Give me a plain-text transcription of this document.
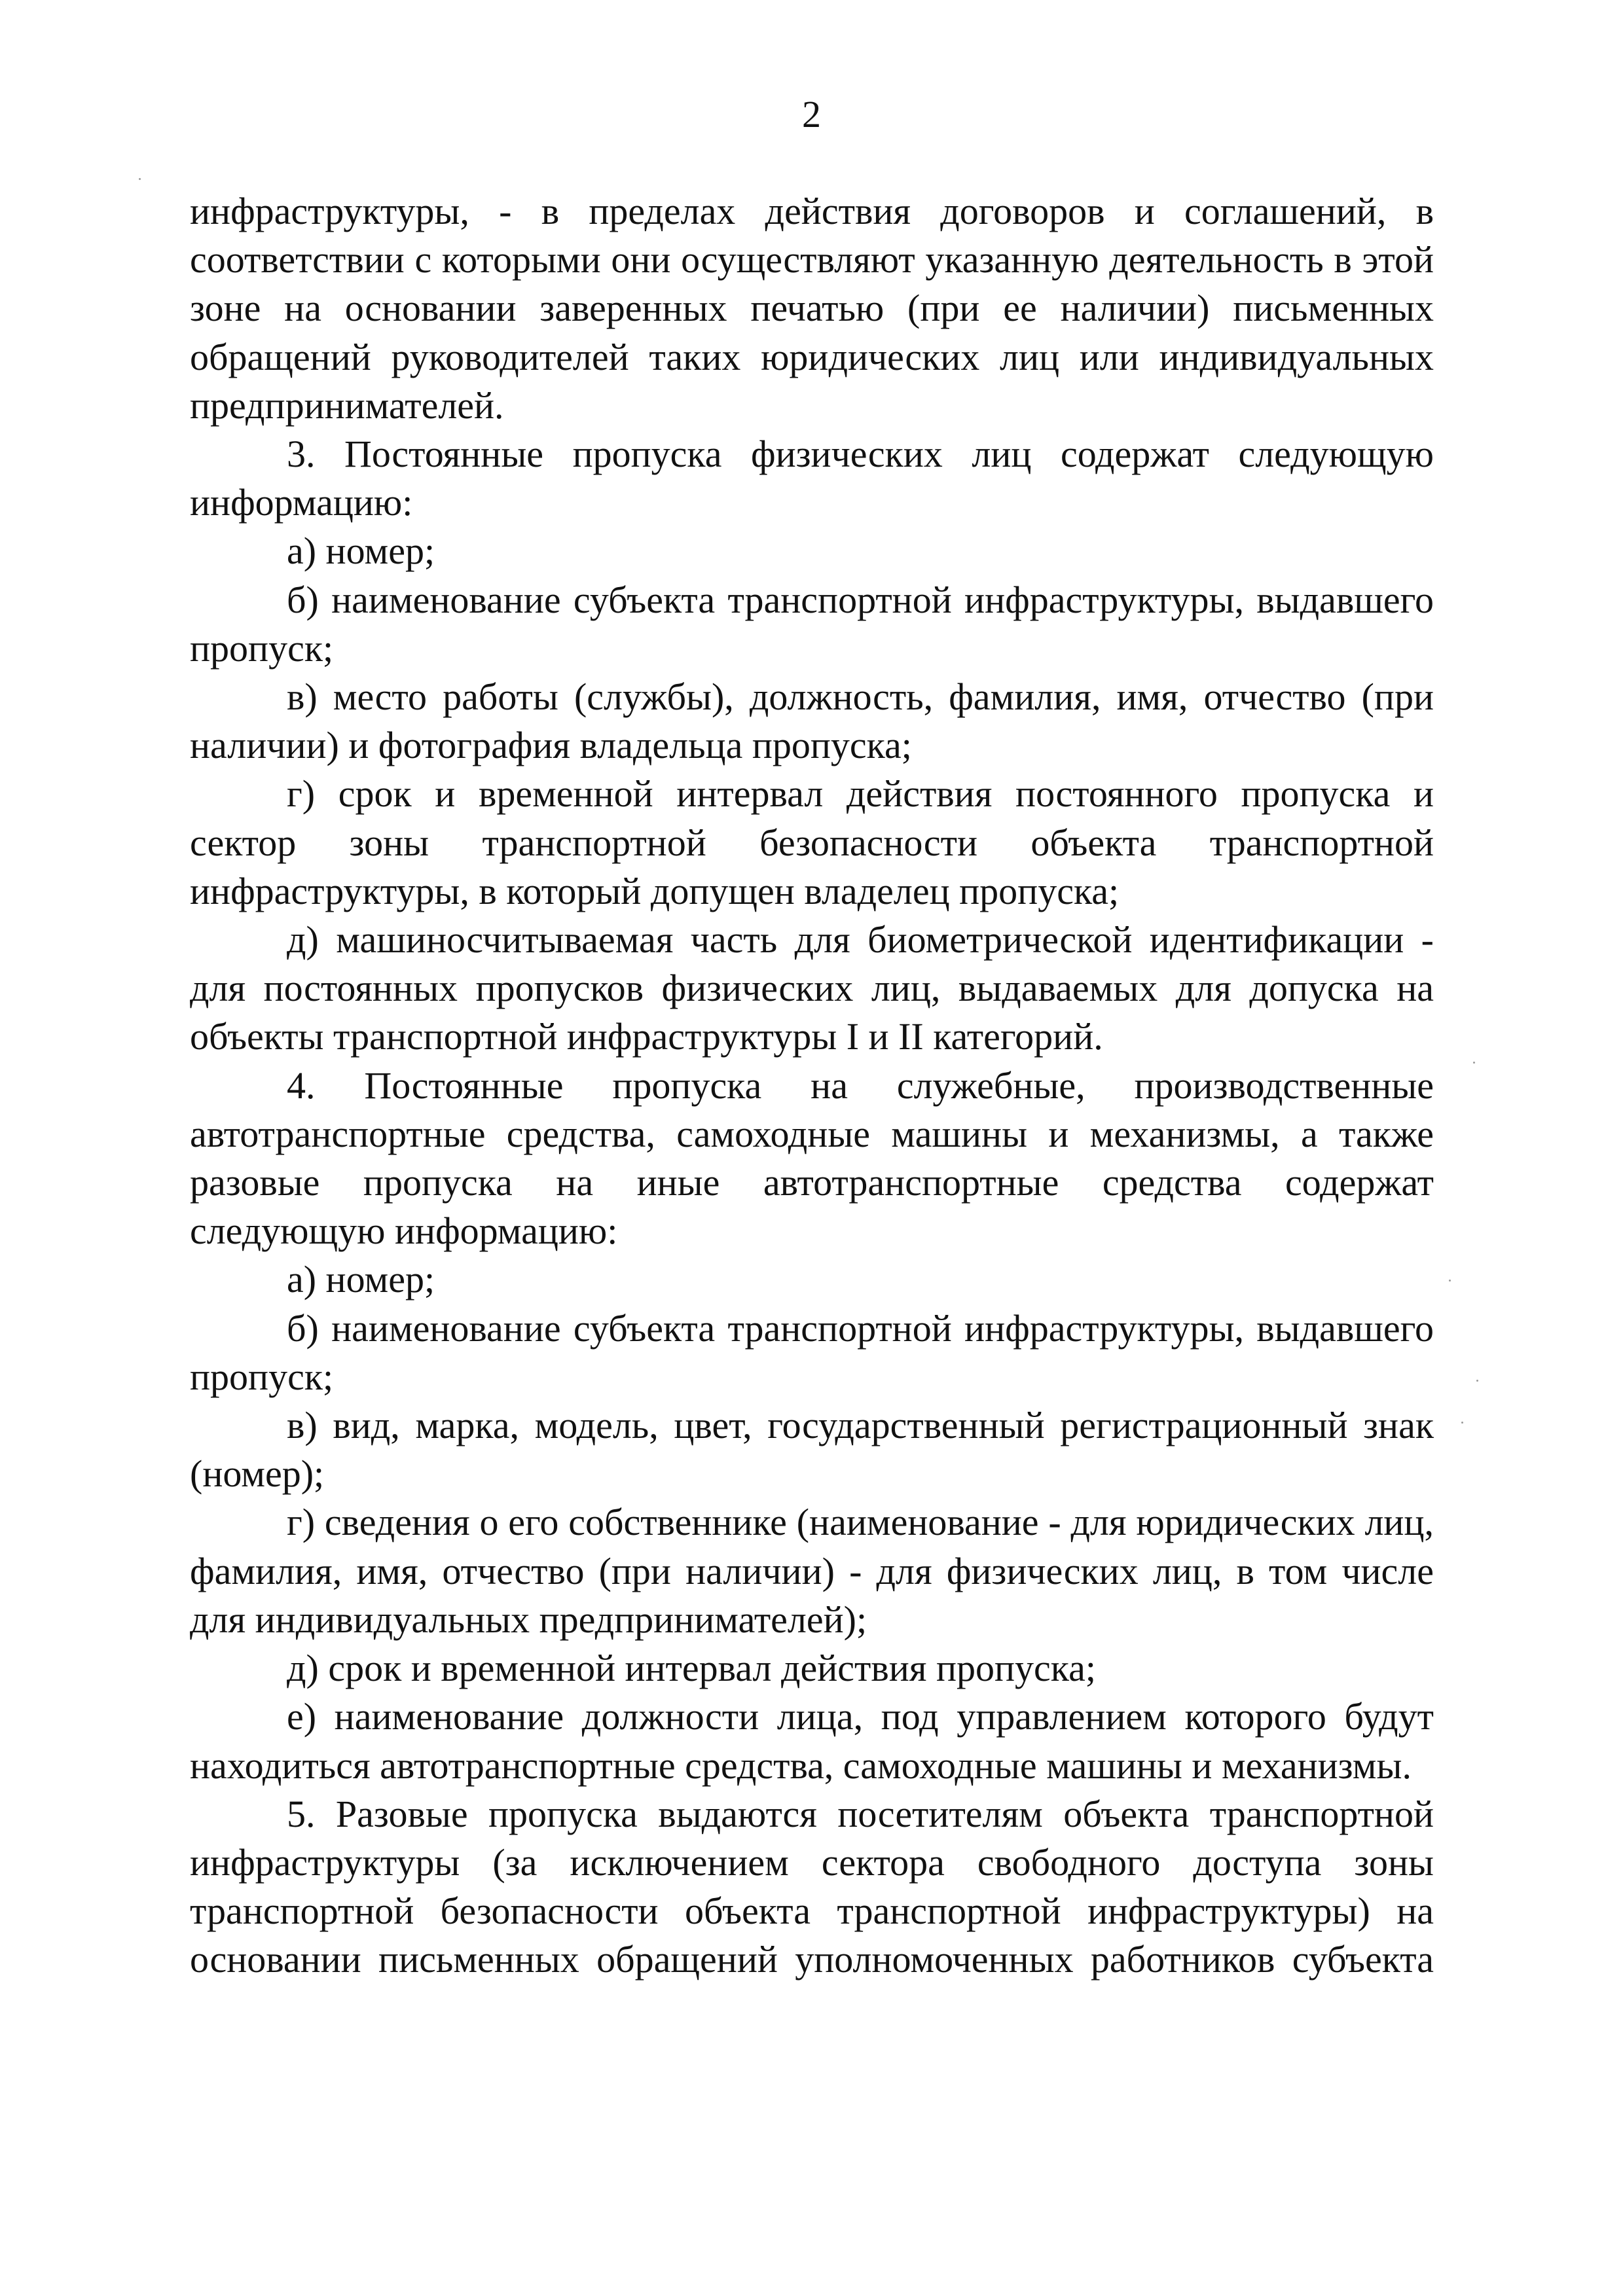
2

инфраструктуры, - в пределах действия договоров и соглашений, в соответствии с которыми они осуществляют указанную деятельность в этой зоне на основании заверенных печатью (при ее наличии) письменных обращений руководителей таких юридических лиц или индивидуальных предпринимателей.

3. Постоянные пропуска физических лиц содержат следующую информацию:

а) номер;

б) наименование субъекта транспортной инфраструктуры, выдавшего пропуск;

в) место работы (службы), должность, фамилия, имя, отчество (при наличии) и фотография владельца пропуска;

г) срок и временной интервал действия постоянного пропуска и сектор зоны транспортной безопасности объекта транспортной инфраструктуры, в который допущен владелец пропуска;

д) машиносчитываемая часть для биометрической идентификации - для постоянных пропусков физических лиц, выдаваемых для допуска на объекты транспортной инфраструктуры I и II категорий.

4. Постоянные пропуска на служебные, производственные автотранспортные средства, самоходные машины и механизмы, а также разовые пропуска на иные автотранспортные средства содержат следующую информацию:

а) номер;

б) наименование субъекта транспортной инфраструктуры, выдавшего пропуск;

в) вид, марка, модель, цвет, государственный регистрационный знак (номер);

г) сведения о его собственнике (наименование - для юридических лиц, фамилия, имя, отчество (при наличии) - для физических лиц, в том числе для индивидуальных предпринимателей);

д) срок и временной интервал действия пропуска;

е) наименование должности лица, под управлением которого будут находиться автотранспортные средства, самоходные машины и механизмы.

5. Разовые пропуска выдаются посетителям объекта транспортной инфраструктуры (за исключением сектора свободного доступа зоны транспортной безопасности объекта транспортной инфраструктуры) на основании письменных обращений уполномоченных работников субъекта
